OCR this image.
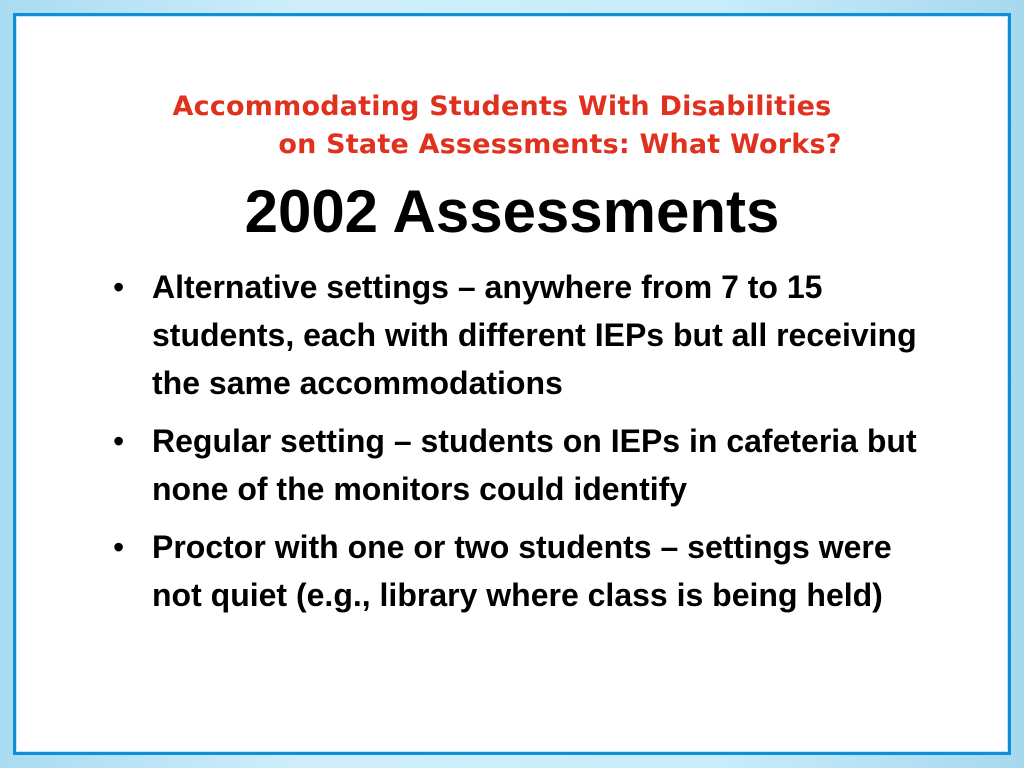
Accommodating Students With Disabilities
on State Assessments: What Works?
2002 Assessments
• Alternative settings – anywhere from 7 to 15 students, each with different IEPs but all receiving the same accommodations
• Regular setting – students on IEPs in cafeteria but none of the monitors could identify
• Proctor with one or two students – settings were not quiet (e.g., library where class is being held)
